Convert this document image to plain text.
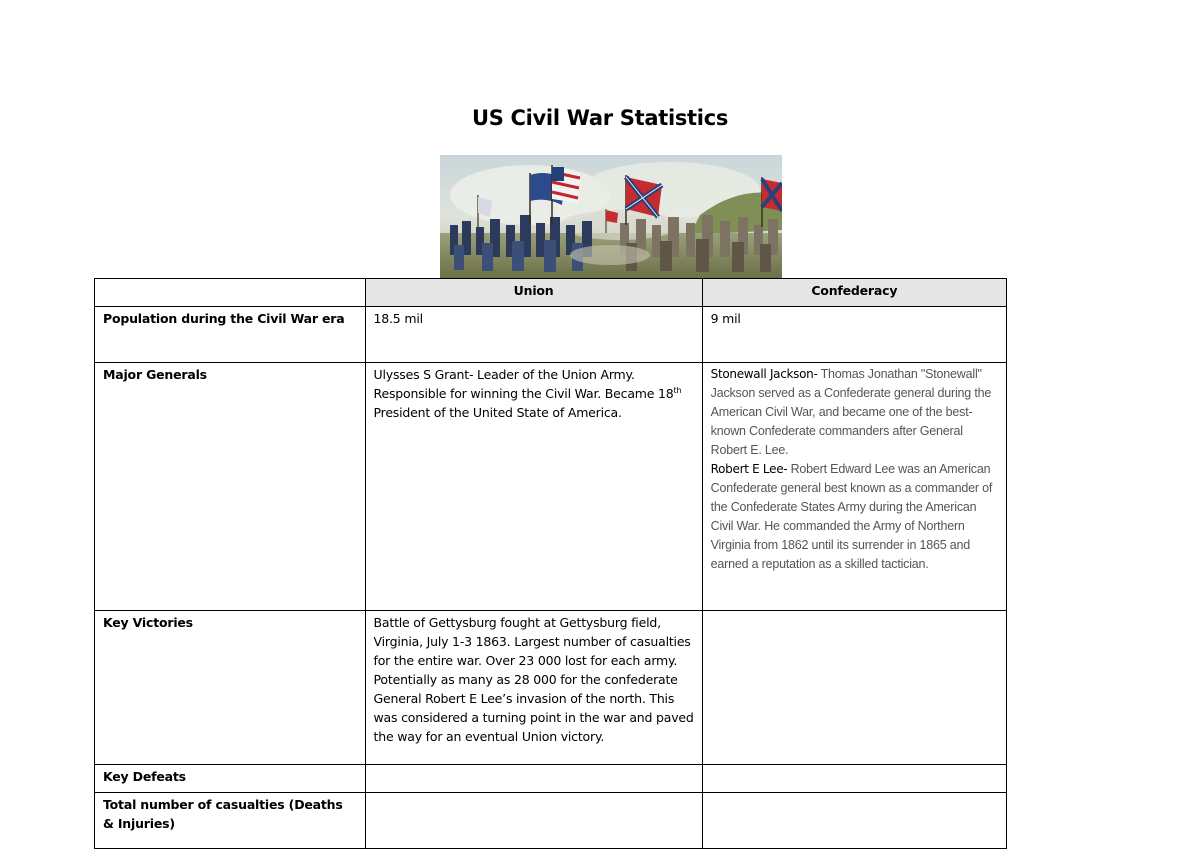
US Civil War Statistics
	Union	Confederacy
Population during the Civil War era	18.5 mil	9 mil
Major Generals	Ulysses S Grant- Leader of the Union Army. Responsible for winning the Civil War. Became 18th President of the United State of America.	Stonewall Jackson- Thomas Jonathan "Stonewall" Jackson served as a Confederate general during the American Civil War, and became one of the best-known Confederate commanders after General Robert E. Lee.
Robert E Lee- Robert Edward Lee was an American Confederate general best known as a commander of the Confederate States Army during the American Civil War. He commanded the Army of Northern Virginia from 1862 until its surrender in 1865 and earned a reputation as a skilled tactician.
Key Victories	Battle of Gettysburg fought at Gettysburg field, Virginia, July 1-3 1863. Largest number of casualties for the entire war. Over 23 000 lost for each army. Potentially as many as 28 000 for the confederate General Robert E Lee’s invasion of the north. This was considered a turning point in the war and paved the way for an eventual Union victory.	
Key Defeats		
Total number of casualties (Deaths & Injuries)		
